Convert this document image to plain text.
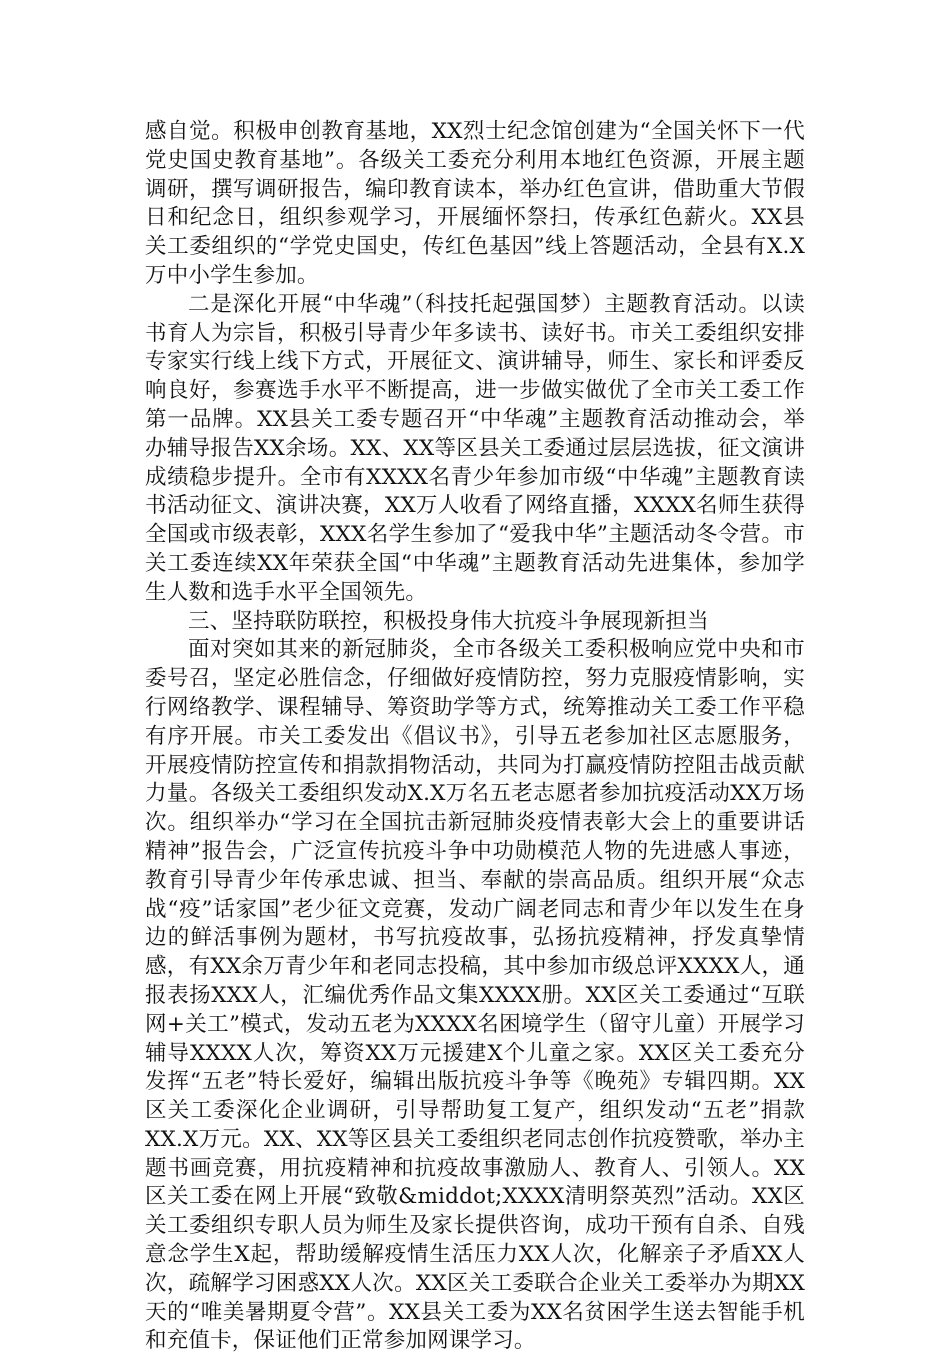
感自觉。积极申创教育基地，XX烈士纪念馆创建为“全国关怀下一代党史国史教育基地”。各级关工委充分利用本地红色资源，开展主题调研，撰写调研报告，编印教育读本，举办红色宣讲，借助重大节假日和纪念日，组织参观学习，开展缅怀祭扫，传承红色薪火。XX县关工委组织的“学党史国史，传红色基因”线上答题活动，全县有X.X万中小学生参加。

二是深化开展“中华魂”（科技托起强国梦）主题教育活动。以读书育人为宗旨，积极引导青少年多读书、读好书。市关工委组织安排专家实行线上线下方式，开展征文、演讲辅导，师生、家长和评委反响良好，参赛选手水平不断提高，进一步做实做优了全市关工委工作第一品牌。XX县关工委专题召开“中华魂”主题教育活动推动会，举办辅导报告XX余场。XX、XX等区县关工委通过层层选拔，征文演讲成绩稳步提升。全市有XXXX名青少年参加市级“中华魂”主题教育读书活动征文、演讲决赛，XX万人收看了网络直播，XXXX名师生获得全国或市级表彰，XXX名学生参加了“爱我中华”主题活动冬令营。市关工委连续XX年荣获全国“中华魂”主题教育活动先进集体，参加学生人数和选手水平全国领先。

三、坚持联防联控，积极投身伟大抗疫斗争展现新担当

面对突如其来的新冠肺炎，全市各级关工委积极响应党中央和市委号召，坚定必胜信念，仔细做好疫情防控，努力克服疫情影响，实行网络教学、课程辅导、筹资助学等方式，统筹推动关工委工作平稳有序开展。市关工委发出《倡议书》，引导五老参加社区志愿服务，开展疫情防控宣传和捐款捐物活动，共同为打赢疫情防控阻击战贡献力量。各级关工委组织发动X.X万名五老志愿者参加抗疫活动XX万场次。组织举办“学习在全国抗击新冠肺炎疫情表彰大会上的重要讲话精神”报告会，广泛宣传抗疫斗争中功勋模范人物的先进感人事迹，教育引导青少年传承忠诚、担当、奉献的崇高品质。组织开展“众志战“疫”话家国”老少征文竞赛，发动广阔老同志和青少年以发生在身边的鲜活事例为题材，书写抗疫故事，弘扬抗疫精神，抒发真挚情感，有XX余万青少年和老同志投稿，其中参加市级总评XXXX人，通报表扬XXX人，汇编优秀作品文集XXXX册。XX区关工委通过“互联网+关工”模式，发动五老为XXXX名困境学生（留守儿童）开展学习辅导XXXX人次，筹资XX万元援建X个儿童之家。XX区关工委充分发挥“五老”特长爱好，编辑出版抗疫斗争等《晚苑》专辑四期。XX区关工委深化企业调研，引导帮助复工复产，组织发动“五老”捐款XX.X万元。XX、XX等区县关工委组织老同志创作抗疫赞歌，举办主题书画竞赛，用抗疫精神和抗疫故事激励人、教育人、引领人。XX区关工委在网上开展“致敬&middot;XXXX清明祭英烈”活动。XX区关工委组织专职人员为师生及家长提供咨询，成功干预有自杀、自残意念学生X起，帮助缓解疫情生活压力XX人次，化解亲子矛盾XX人次，疏解学习困惑XX人次。XX区关工委联合企业关工委举办为期XX天的“唯美暑期夏令营”。XX县关工委为XX名贫困学生送去智能手机和充值卡，保证他们正常参加网课学习。
